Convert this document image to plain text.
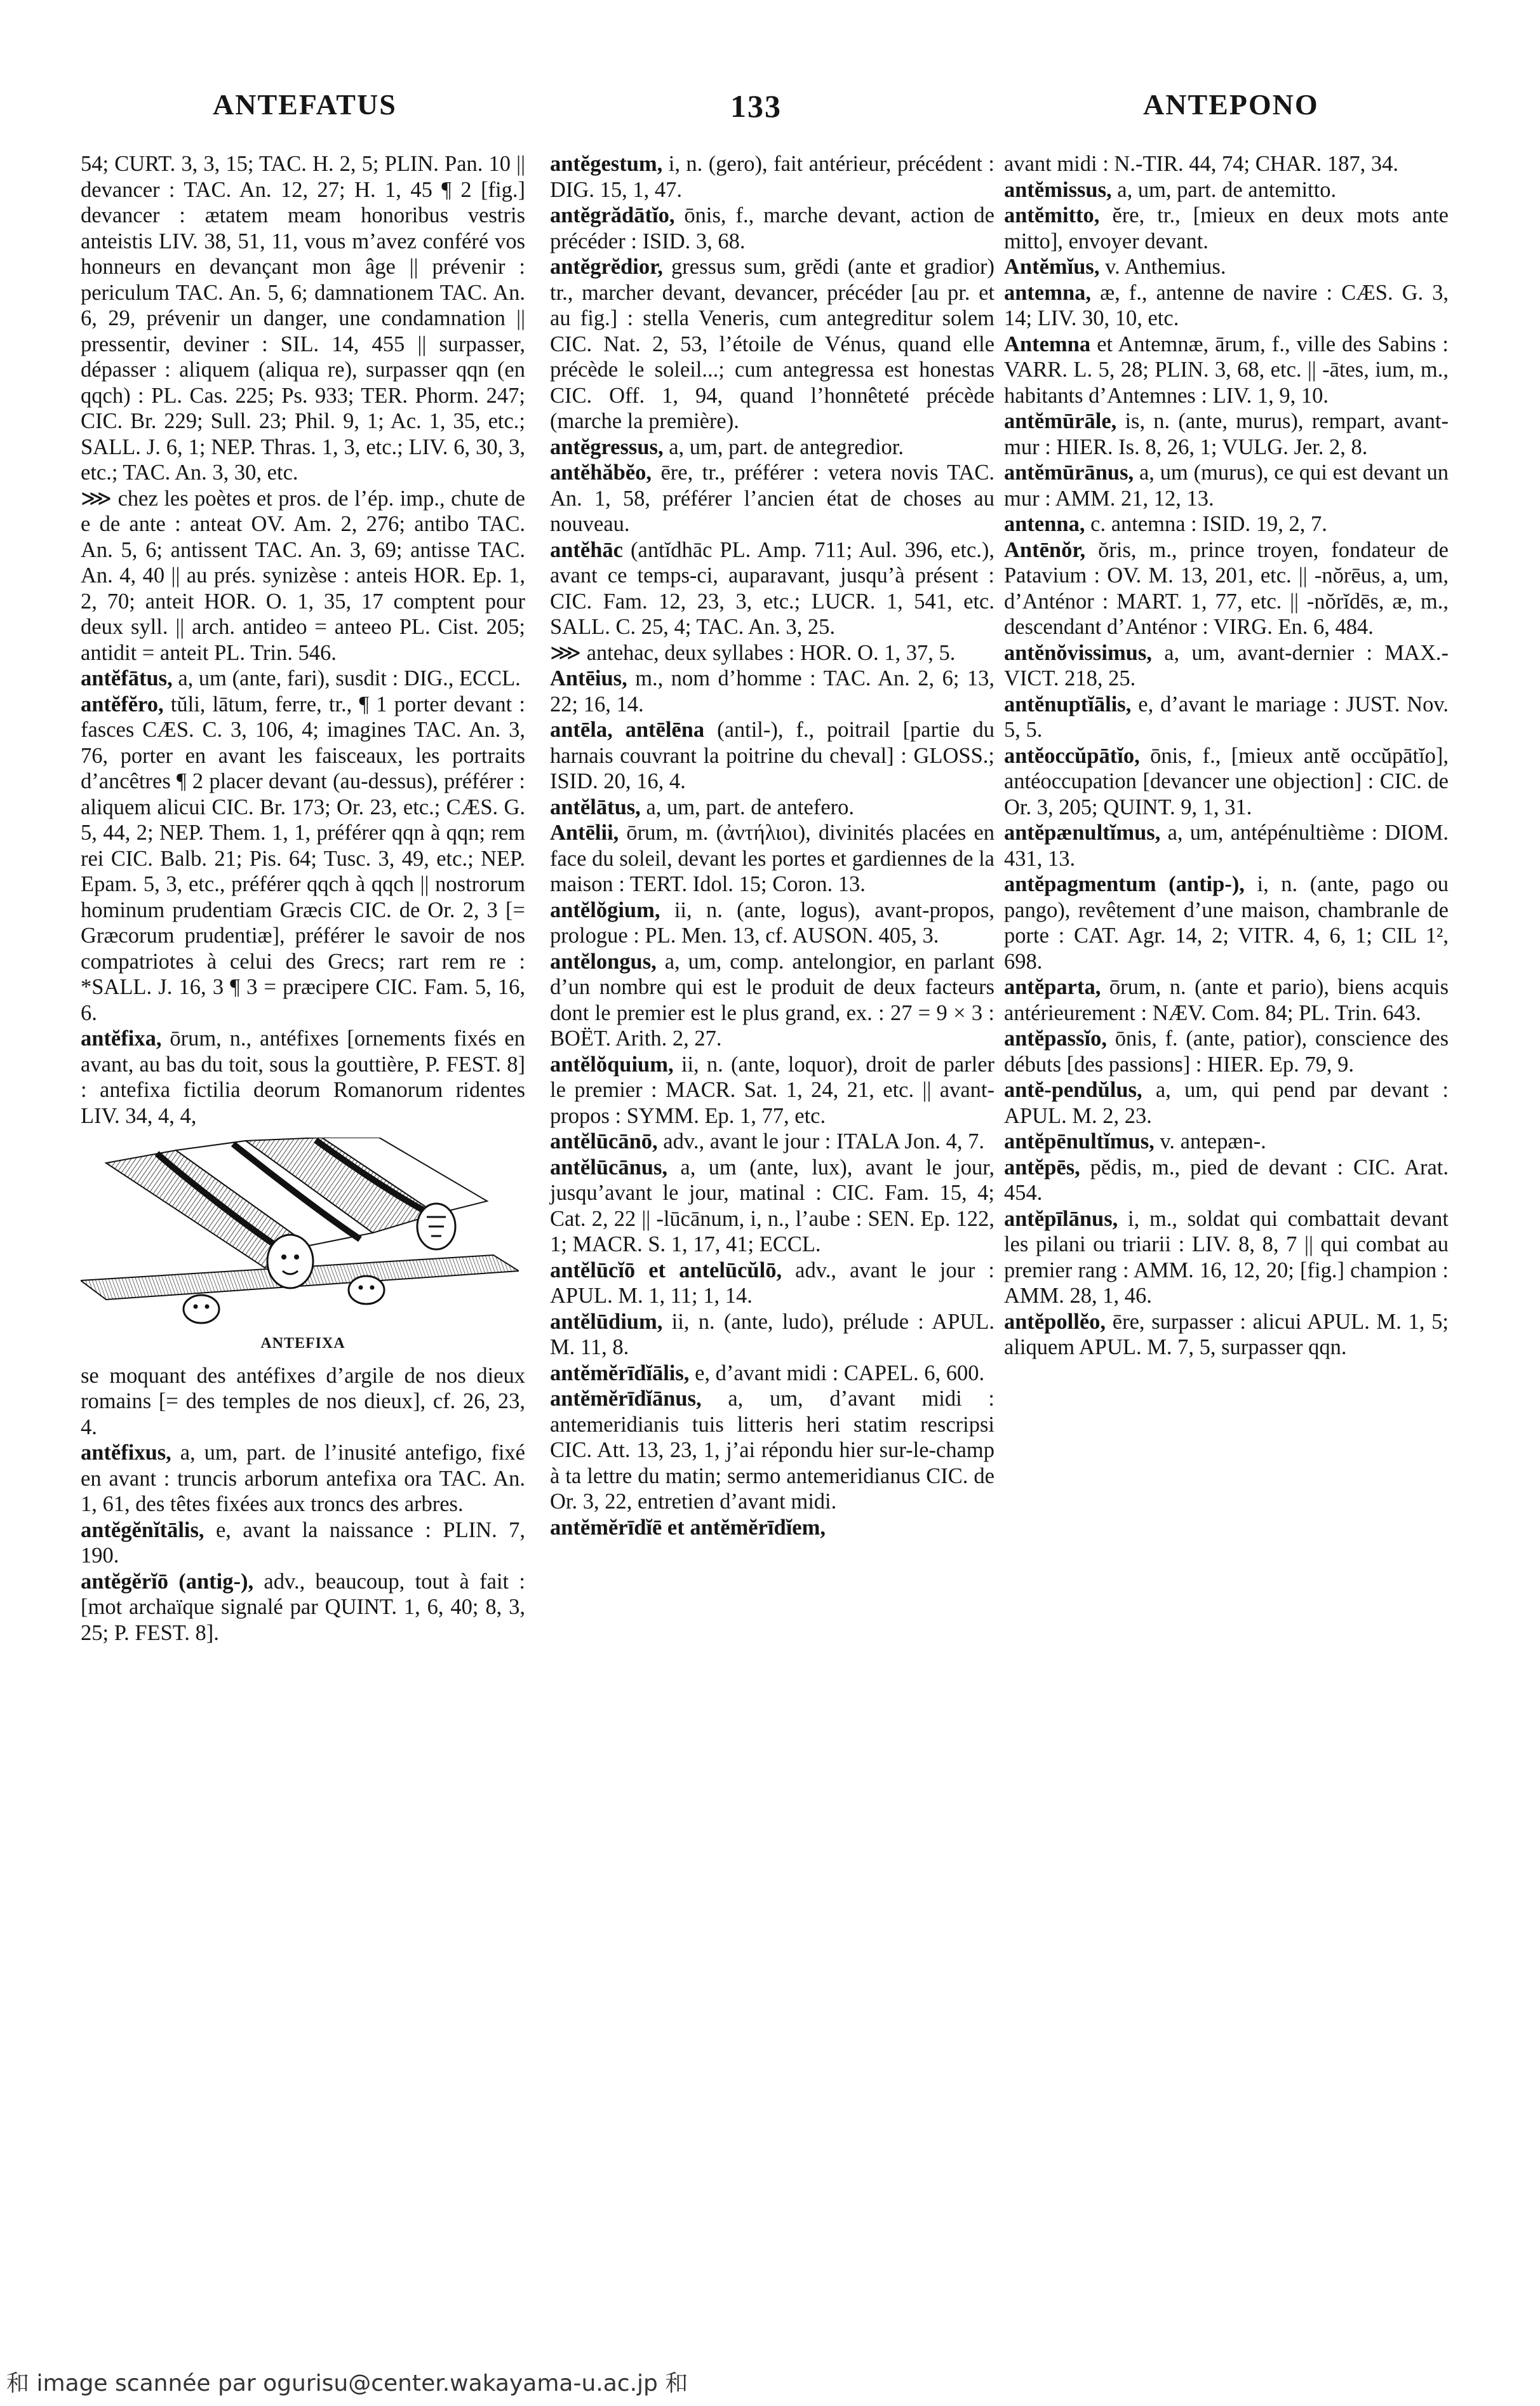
ANTEFATUS	133	ANTEPONO

54; CURT. 3, 3, 15; TAC. H. 2, 5; PLIN. Pan. 10 || devancer : TAC. An. 12, 27; H. 1, 45 ¶ 2 [fig.] devancer : ætatem meam honoribus vestris anteistis LIV. 38, 51, 11, vous m’avez conféré vos honneurs en devançant mon âge || prévenir : periculum TAC. An. 5, 6; damnationem TAC. An. 6, 29, prévenir un danger, une condamnation || pressentir, deviner : SIL. 14, 455 || surpasser, dépasser : aliquem (aliqua re), surpasser qqn (en qqch) : PL. Cas. 225; Ps. 933; TER. Phorm. 247; CIC. Br. 229; Sull. 23; Phil. 9, 1; Ac. 1, 35, etc.; SALL. J. 6, 1; NEP. Thras. 1, 3, etc.; LIV. 6, 30, 3, etc.; TAC. An. 3, 30, etc.

⋙ chez les poètes et pros. de l’ép. imp., chute de e de ante : anteat OV. Am. 2, 276; antibo TAC. An. 5, 6; antissent TAC. An. 3, 69; antisse TAC. An. 4, 40 || au prés. synizèse : anteis HOR. Ep. 1, 2, 70; anteit HOR. O. 1, 35, 17 comptent pour deux syll. || arch. antideo = anteeo PL. Cist. 205; antidit = anteit PL. Trin. 546.

antĕfātus, a, um (ante, fari), susdit : DIG., ECCL.

antĕfĕro, tŭli, lātum, ferre, tr., ¶ 1 porter devant : fasces CÆS. C. 3, 106, 4; imagines TAC. An. 3, 76, porter en avant les faisceaux, les portraits d’ancêtres ¶ 2 placer devant (au-dessus), préférer : aliquem alicui CIC. Br. 173; Or. 23, etc.; CÆS. G. 5, 44, 2; NEP. Them. 1, 1, préférer qqn à qqn; rem rei CIC. Balb. 21; Pis. 64; Tusc. 3, 49, etc.; NEP. Epam. 5, 3, etc., préférer qqch à qqch || nostrorum hominum prudentiam Græcis CIC. de Or. 2, 3 [= Græcorum prudentiæ], préférer le savoir de nos compatriotes à celui des Grecs; rart rem re : *SALL. J. 16, 3 ¶ 3 = præcipere CIC. Fam. 5, 16, 6.

antĕfixa, ōrum, n., antéfixes [ornements fixés en avant, au bas du toit, sous la gouttière, P. FEST. 8] : antefixa fictilia deorum Romanorum ridentes LIV. 34, 4, 4,

ANTEFIXA

se moquant des antéfixes d’argile de nos dieux romains [= des temples de nos dieux], cf. 26, 23, 4.

antĕfixus, a, um, part. de l’inusité antefigo, fixé en avant : truncis arborum antefixa ora TAC. An. 1, 61, des têtes fixées aux troncs des arbres.

antĕgĕnĭtālis, e, avant la naissance : PLIN. 7, 190.

antĕgĕrĭō (antig-), adv., beaucoup, tout à fait : [mot archaïque signalé par QUINT. 1, 6, 40; 8, 3, 25; P. FEST. 8].

antĕgestum, i, n. (gero), fait antérieur, précédent : DIG. 15, 1, 47.

antĕgrădātĭo, ōnis, f., marche devant, action de précéder : ISID. 3, 68.

antĕgrĕdior, gressus sum, grĕdi (ante et gradior) tr., marcher devant, devancer, précéder [au pr. et au fig.] : stella Veneris, cum antegreditur solem CIC. Nat. 2, 53, l’étoile de Vénus, quand elle précède le soleil...; cum antegressa est honestas CIC. Off. 1, 94, quand l’honnêteté précède (marche la première).

antĕgressus, a, um, part. de antegredior.

antĕhăbĕo, ēre, tr., préférer : vetera novis TAC. An. 1, 58, préférer l’ancien état de choses au nouveau.

antĕhāc (antĭdhāc PL. Amp. 711; Aul. 396, etc.), avant ce temps-ci, auparavant, jusqu’à présent : CIC. Fam. 12, 23, 3, etc.; LUCR. 1, 541, etc. SALL. C. 25, 4; TAC. An. 3, 25.

⋙ antehac, deux syllabes : HOR. O. 1, 37, 5.

Antēius, m., nom d’homme : TAC. An. 2, 6; 13, 22; 16, 14.

antēla, antēlēna (antil-), f., poitrail [partie du harnais couvrant la poitrine du cheval] : GLOSS.; ISID. 20, 16, 4.

antĕlātus, a, um, part. de antefero.

Antēlii, ōrum, m. (ἀντήλιοι), divinités placées en face du soleil, devant les portes et gardiennes de la maison : TERT. Idol. 15; Coron. 13.

antĕlŏgium, ii, n. (ante, logus), avant-propos, prologue : PL. Men. 13, cf. AUSON. 405, 3.

antĕlongus, a, um, comp. antelongior, en parlant d’un nombre qui est le produit de deux facteurs dont le premier est le plus grand, ex. : 27 = 9 × 3 : BOËT. Arith. 2, 27.

antĕlŏquium, ii, n. (ante, loquor), droit de parler le premier : MACR. Sat. 1, 24, 21, etc. || avant-propos : SYMM. Ep. 1, 77, etc.

antĕlūcānō, adv., avant le jour : ITALA Jon. 4, 7.

antĕlūcānus, a, um (ante, lux), avant le jour, jusqu’avant le jour, matinal : CIC. Fam. 15, 4; Cat. 2, 22 || -lūcānum, i, n., l’aube : SEN. Ep. 122, 1; MACR. S. 1, 17, 41; ECCL.

antĕlūcĭō et antelūcŭlō, adv., avant le jour : APUL. M. 1, 11; 1, 14.

antĕlūdium, ii, n. (ante, ludo), prélude : APUL. M. 11, 8.

antĕmĕrīdĭālis, e, d’avant midi : CAPEL. 6, 600.

antĕmĕrīdĭānus, a, um, d’avant midi : antemeridianis tuis litteris heri statim rescripsi CIC. Att. 13, 23, 1, j’ai répondu hier sur-le-champ à ta lettre du matin; sermo antemeridianus CIC. de Or. 3, 22, entretien d’avant midi.

antĕmĕrīdĭē et antĕmĕrīdĭem,

avant midi : N.-TIR. 44, 74; CHAR. 187, 34.

antĕmissus, a, um, part. de antemitto.

antĕmitto, ĕre, tr., [mieux en deux mots ante mitto], envoyer devant.

Antĕmĭus, v. Anthemius.

antemna, æ, f., antenne de navire : CÆS. G. 3, 14; LIV. 30, 10, etc.

Antemna et Antemnæ, ārum, f., ville des Sabins : VARR. L. 5, 28; PLIN. 3, 68, etc. || -ātes, ium, m., habitants d’Antemnes : LIV. 1, 9, 10.

antĕmūrāle, is, n. (ante, murus), rempart, avant-mur : HIER. Is. 8, 26, 1; VULG. Jer. 2, 8.

antĕmūrānus, a, um (murus), ce qui est devant un mur : AMM. 21, 12, 13.

antenna, c. antemna : ISID. 19, 2, 7.

Antēnŏr, ŏris, m., prince troyen, fondateur de Patavium : OV. M. 13, 201, etc. || -nŏrēus, a, um, d’Anténor : MART. 1, 77, etc. || -nŏrĭdēs, æ, m., descendant d’Anténor : VIRG. En. 6, 484.

antĕnŏvissimus, a, um, avant-dernier : MAX.-VICT. 218, 25.

antĕnuptĭālis, e, d’avant le mariage : JUST. Nov. 5, 5.

antĕoccŭpātĭo, ōnis, f., [mieux antĕ occŭpātĭo], antéoccupation [devancer une objection] : CIC. de Or. 3, 205; QUINT. 9, 1, 31.

antĕpænultĭmus, a, um, antépénultième : DIOM. 431, 13.

antĕpagmentum (antip-), i, n. (ante, pago ou pango), revêtement d’une maison, chambranle de porte : CAT. Agr. 14, 2; VITR. 4, 6, 1; CIL 1², 698.

antĕparta, ōrum, n. (ante et pario), biens acquis antérieurement : NÆV. Com. 84; PL. Trin. 643.

antĕpassĭo, ōnis, f. (ante, patior), conscience des débuts [des passions] : HIER. Ep. 79, 9.

antĕ-pendŭlus, a, um, qui pend par devant : APUL. M. 2, 23.

antĕpēnultĭmus, v. antepæn-.

antĕpēs, pĕdis, m., pied de devant : CIC. Arat. 454.

antĕpīlānus, i, m., soldat qui combattait devant les pilani ou triarii : LIV. 8, 8, 7 || qui combat au premier rang : AMM. 16, 12, 20; [fig.] champion : AMM. 28, 1, 46.

antĕpollĕo, ēre, surpasser : alicui APUL. M. 1, 5; aliquem APUL. M. 7, 5, surpasser qqn.

和 image scannée par ogurisu@center.wakayama-u.ac.jp 和
